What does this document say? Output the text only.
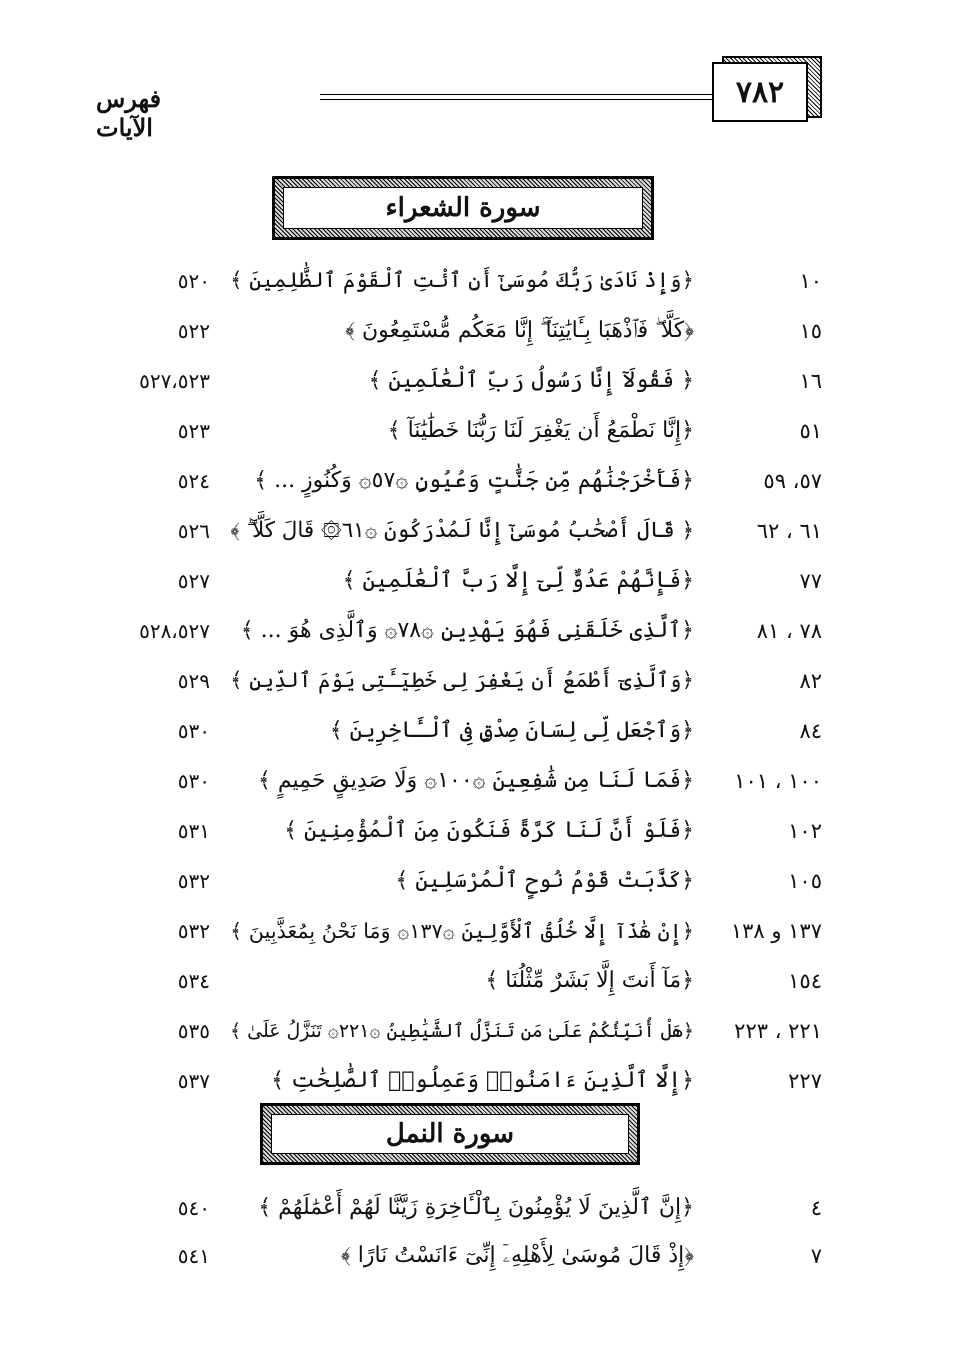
٧٨٢
فهرس الآيات
سورة الشعراء
١٠
﴿وَإِذْ نَادَىٰ رَبُّكَ مُوسَىٰٓ أَنِ ٱئْتِ ٱلْقَوْمَ ٱلظَّٰلِمِينَ ﴾
٥٢٠
١٥
﴿كَلَّا ۖ فَٱذْهَبَا بِـَٔايَٰتِنَآ ۖ إِنَّا مَعَكُم مُّسْتَمِعُونَ ﴾
٥٢٢
١٦
﴿ فَقُولَآ إِنَّا رَسُولُ رَبِّ ٱلْعَٰلَمِينَ ﴾
٥٢٧،٥٢٣
٥١
﴿إِنَّا نَطْمَعُ أَن يَغْفِرَ لَنَا رَبُّنَا خَطَٰيَٰنَآ ﴾
٥٢٣
٥٧، ٥٩
﴿فَأَخْرَجْنَٰهُم مِّن جَنَّٰتٍ وَعُيُونٍ ۞٥٧۞ وَكُنُوزٍ ... ﴾
٥٢٤
٦١ ، ٦٢
﴿ قَالَ أَصْحَٰبُ مُوسَىٰٓ إِنَّا لَمُدْرَكُونَ ۞٦١۞ قَالَ كَلَّآ ۖ ﴾
٥٢٦
٧٧
﴿فَإِنَّهُمْ عَدُوٌّ لِّىٓ إِلَّا رَبَّ ٱلْعَٰلَمِينَ ﴾
٥٢٧
٧٨ ، ٨١
﴿ٱلَّذِى خَلَقَنِى فَهُوَ يَهْدِينِ ۞٧٨۞ وَٱلَّذِى هُوَ ... ﴾
٥٢٨،٥٢٧
٨٢
﴿وَٱلَّذِىٓ أَطْمَعُ أَن يَغْفِرَ لِى خَطِيٓـَٔتِى يَوْمَ ٱلدِّينِ ﴾
٥٢٩
٨٤
﴿وَٱجْعَل لِّى لِسَانَ صِدْقٍ فِى ٱلْـَٔاخِرِينَ ﴾
٥٣٠
١٠٠ ، ١٠١
﴿فَمَا لَنَا مِن شَٰفِعِينَ ۞١٠٠۞ وَلَا صَدِيقٍ حَمِيمٍ ﴾
٥٣٠
١٠٢
﴿فَلَوْ أَنَّ لَنَا كَرَّةً فَنَكُونَ مِنَ ٱلْمُؤْمِنِينَ ﴾
٥٣١
١٠٥
﴿كَذَّبَتْ قَوْمُ نُوحٍ ٱلْمُرْسَلِينَ ﴾
٥٣٢
١٣٧ و ١٣٨
﴿إِنْ هَٰذَآ إِلَّا خُلُقُ ٱلْأَوَّلِينَ ۞١٣٧۞ وَمَا نَحْنُ بِمُعَذَّبِينَ ﴾
٥٣٢
١٥٤
﴿مَآ أَنتَ إِلَّا بَشَرٌ مِّثْلُنَا ﴾
٥٣٤
٢٢١ ، ٢٢٣
﴿هَلْ أُنَبِّئُكُمْ عَلَىٰ مَن تَنَزَّلُ ٱلشَّيَٰطِينُ ۞٢٢١۞ تَنَزَّلُ عَلَىٰ ﴾
٥٣٥
٢٢٧
﴿إِلَّا ٱلَّذِينَ ءَامَنُوا۟ وَعَمِلُوا۟ ٱلصَّٰلِحَٰتِ ﴾
٥٣٧
سورة النمل
٤
﴿إِنَّ ٱلَّذِينَ لَا يُؤْمِنُونَ بِٱلْـَٔاخِرَةِ زَيَّنَّا لَهُمْ أَعْمَٰلَهُمْ ﴾
٥٤٠
٧
﴿إِذْ قَالَ مُوسَىٰ لِأَهْلِهِۦٓ إِنِّىٓ ءَانَسْتُ نَارًا ﴾
٥٤١
